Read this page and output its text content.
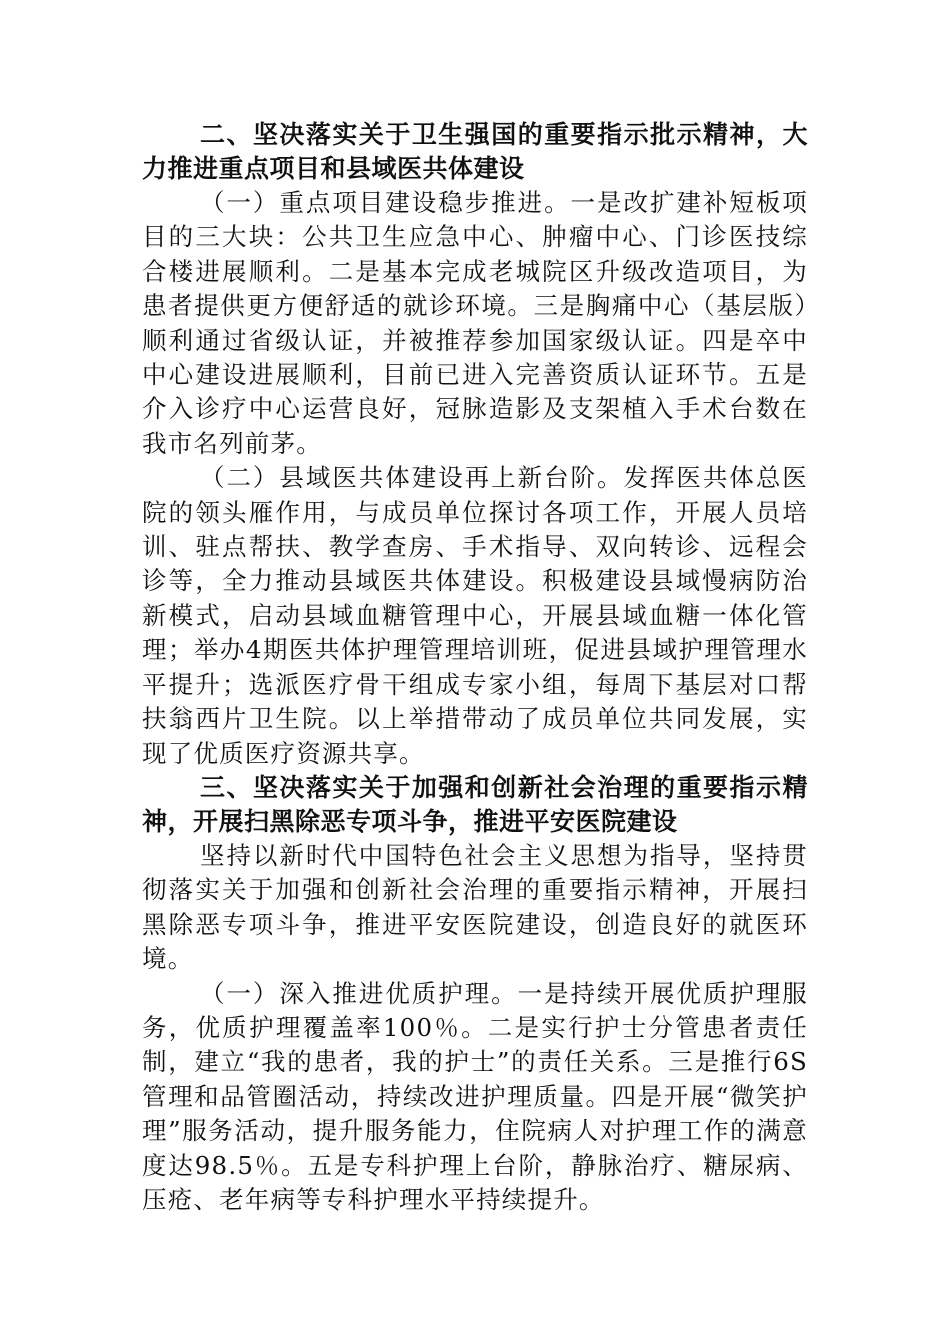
二、坚决落实关于卫生强国的重要指示批示精神，大力推进重点项目和县域医共体建设

（一）重点项目建设稳步推进。一是改扩建补短板项目的三大块：公共卫生应急中心、肿瘤中心、门诊医技综合楼进展顺利。二是基本完成老城院区升级改造项目，为患者提供更方便舒适的就诊环境。三是胸痛中心（基层版）顺利通过省级认证，并被推荐参加国家级认证。四是卒中中心建设进展顺利，目前已进入完善资质认证环节。五是介入诊疗中心运营良好，冠脉造影及支架植入手术台数在我市名列前茅。

（二）县域医共体建设再上新台阶。发挥医共体总医院的领头雁作用，与成员单位探讨各项工作，开展人员培训、驻点帮扶、教学查房、手术指导、双向转诊、远程会诊等，全力推动县域医共体建设。积极建设县域慢病防治新模式，启动县域血糖管理中心，开展县域血糖一体化管理；举办4期医共体护理管理培训班，促进县域护理管理水平提升；选派医疗骨干组成专家小组，每周下基层对口帮扶翁西片卫生院。以上举措带动了成员单位共同发展，实现了优质医疗资源共享。

三、坚决落实关于加强和创新社会治理的重要指示精神，开展扫黑除恶专项斗争，推进平安医院建设

坚持以新时代中国特色社会主义思想为指导，坚持贯彻落实关于加强和创新社会治理的重要指示精神，开展扫黑除恶专项斗争，推进平安医院建设，创造良好的就医环境。

（一）深入推进优质护理。一是持续开展优质护理服务，优质护理覆盖率100％。二是实行护士分管患者责任制，建立“我的患者，我的护士”的责任关系。三是推行6S管理和品管圈活动，持续改进护理质量。四是开展“微笑护理”服务活动，提升服务能力，住院病人对护理工作的满意度达98.5％。五是专科护理上台阶，静脉治疗、糖尿病、压疮、老年病等专科护理水平持续提升。
